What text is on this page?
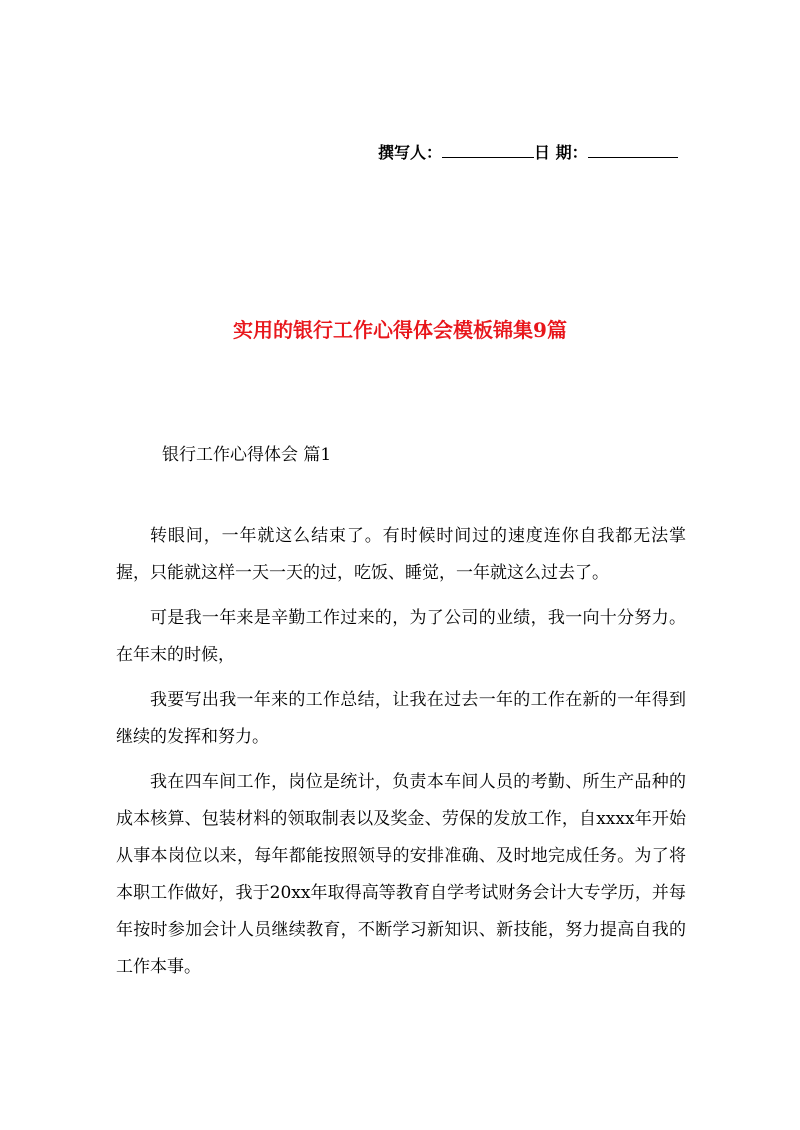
撰写人：	日 期：
实用的银行工作心得体会模板锦集9篇
银行工作心得体会 篇1

转眼间，一年就这么结束了。有时候时间过的速度连你自我都无法掌握，只能就这样一天一天的过，吃饭、睡觉，一年就这么过去了。

可是我一年来是辛勤工作过来的，为了公司的业绩，我一向十分努力。在年末的时候，

我要写出我一年来的工作总结，让我在过去一年的工作在新的一年得到继续的发挥和努力。

我在四车间工作，岗位是统计，负责本车间人员的考勤、所生产品种的成本核算、包装材料的领取制表以及奖金、劳保的发放工作，自xxxx年开始从事本岗位以来，每年都能按照领导的安排准确、及时地完成任务。为了将本职工作做好，我于20xx年取得高等教育自学考试财务会计大专学历，并每年按时参加会计人员继续教育，不断学习新知识、新技能，努力提高自我的工作本事。
